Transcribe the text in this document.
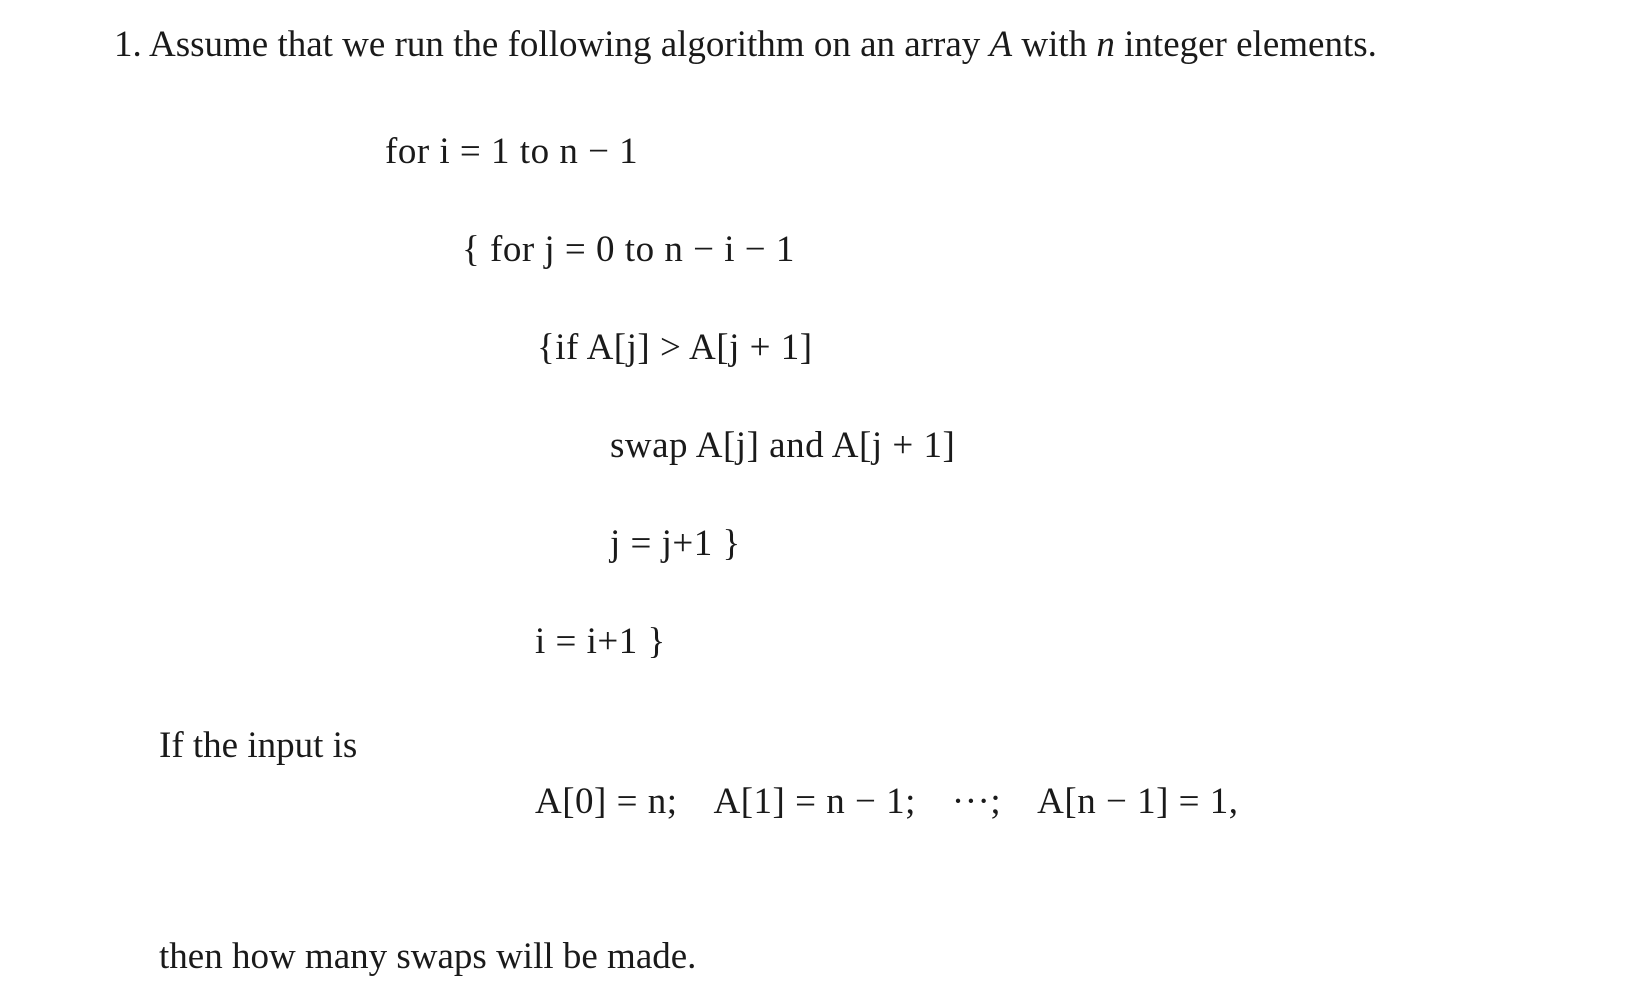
1. Assume that we run the following algorithm on an array A with n integer elements.
for i = 1 to n − 1
{ for j = 0 to n − i − 1
{if A[j] > A[j + 1]
swap A[j] and A[j + 1]
j = j+1 }
i = i+1 }
If the input is
A[0] = n; A[1] = n − 1; ···; A[n − 1] = 1,
then how many swaps will be made.
